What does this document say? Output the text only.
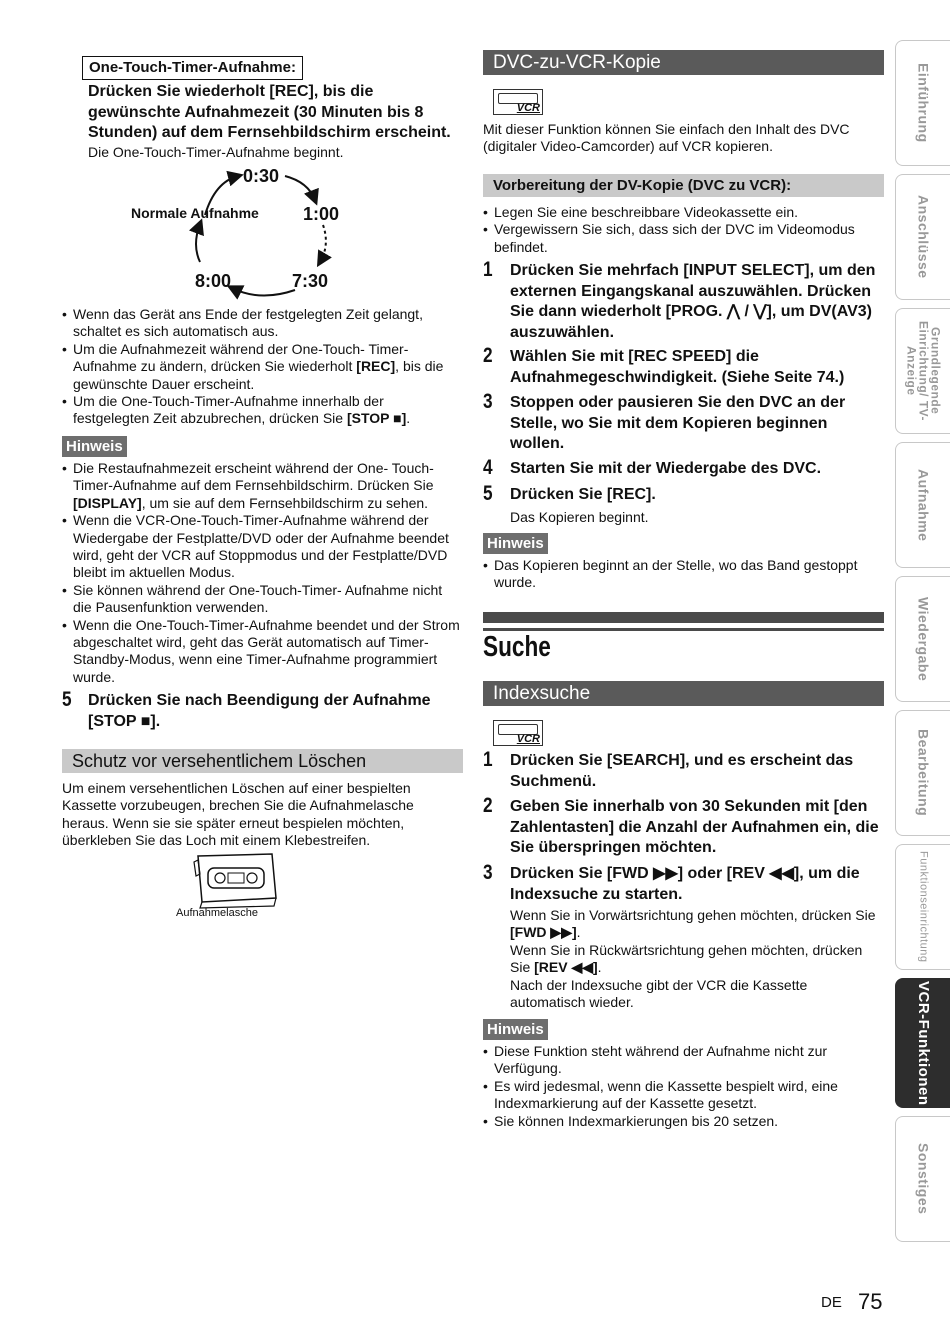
One-Touch-Timer-Aufnahme:
Drücken Sie wiederholt [REC], bis die gewünschte Aufnahmezeit (30 Minuten bis 8 Stunden) auf dem Fernsehbildschirm erscheint.
Die One-Touch-Timer-Aufnahme beginnt.
Normale Aufnahme
0:30
1:00
7:30
8:00
• Wenn das Gerät ans Ende der festgelegten Zeit gelangt, schaltet es sich automatisch aus.
• Um die Aufnahmezeit während der One-Touch- Timer-Aufnahme zu ändern, drücken Sie wiederholt [REC], bis die gewünschte Dauer erscheint.
• Um die One-Touch-Timer-Aufnahme innerhalb der festgelegten Zeit abzubrechen, drücken Sie [STOP ■].
Hinweis
• Die Restaufnahmezeit erscheint während der One- Touch-Timer-Aufnahme auf dem Fernsehbildschirm. Drücken Sie [DISPLAY], um sie auf dem Fernsehbildschirm zu sehen.
• Wenn die VCR-One-Touch-Timer-Aufnahme während der Wiedergabe der Festplatte/DVD oder der Aufnahme beendet wird, geht der VCR auf Stoppmodus und der Festplatte/DVD bleibt im aktuellen Modus.
• Sie können während der One-Touch-Timer- Aufnahme nicht die Pausenfunktion verwenden.
• Wenn die One-Touch-Timer-Aufnahme beendet und der Strom abgeschaltet wird, geht das Gerät automatisch auf Timer-Standby-Modus, wenn eine Timer-Aufnahme programmiert wurde.
5 Drücken Sie nach Beendigung der Aufnahme [STOP ■].
Schutz vor versehentlichem Löschen
Um einem versehentlichen Löschen auf einer bespielten Kassette vorzubeugen, brechen Sie die Aufnahmelasche heraus. Wenn sie sie später erneut bespielen möchten, überkleben Sie das Loch mit einem Klebestreifen.
Aufnahmelasche
DVC-zu-VCR-Kopie
VCR
Mit dieser Funktion können Sie einfach den Inhalt des DVC (digitaler Video-Camcorder) auf VCR kopieren.
Vorbereitung der DV-Kopie (DVC zu VCR):
• Legen Sie eine beschreibbare Videokassette ein.
• Vergewissern Sie sich, dass sich der DVC im Videomodus befindet.
1 Drücken Sie mehrfach [INPUT SELECT], um den externen Eingangskanal auszuwählen. Drücken Sie dann wiederholt [PROG. ⋀ / ⋁], um DV(AV3) auszuwählen.
2 Wählen Sie mit [REC SPEED] die Aufnahmegeschwindigkeit. (Siehe Seite 74.)
3 Stoppen oder pausieren Sie den DVC an der Stelle, wo Sie mit dem Kopieren beginnen wollen.
4 Starten Sie mit der Wiedergabe des DVC.
5 Drücken Sie [REC].
Das Kopieren beginnt.
Hinweis
• Das Kopieren beginnt an der Stelle, wo das Band gestoppt wurde.
Suche
Indexsuche
VCR
1 Drücken Sie [SEARCH], und es erscheint das Suchmenü.
2 Geben Sie innerhalb von 30 Sekunden mit [den Zahlentasten] die Anzahl der Aufnahmen ein, die Sie überspringen möchten.
3 Drücken Sie [FWD ▶▶] oder [REV ◀◀], um die Indexsuche zu starten.
Wenn Sie in Vorwärtsrichtung gehen möchten, drücken Sie [FWD ▶▶].
Wenn Sie in Rückwärtsrichtung gehen möchten, drücken Sie [REV ◀◀].
Nach der Indexsuche gibt der VCR die Kassette automatisch wieder.
Hinweis
• Diese Funktion steht während der Aufnahme nicht zur Verfügung.
• Es wird jedesmal, wenn die Kassette bespielt wird, eine Indexmarkierung auf der Kassette gesetzt.
• Sie können Indexmarkierungen bis 20 setzen.
Einführung
Anschlüsse
Grundlegende Einrichtung/ TV-Anzeige
Aufnahme
Wiedergabe
Bearbeitung
Funktionseinrichtung
VCR-Funktionen
Sonstiges
DE 75
